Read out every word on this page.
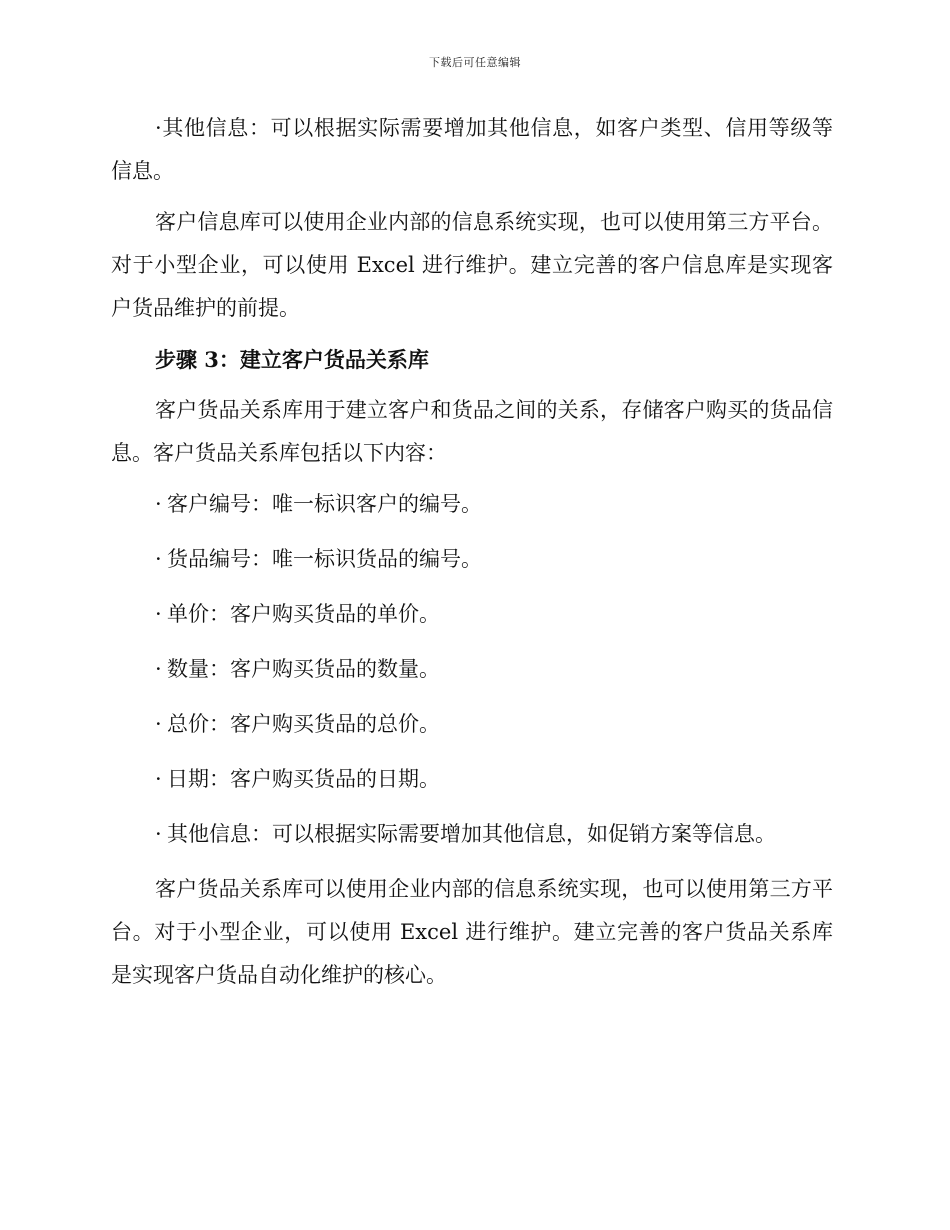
下载后可任意编辑

·其他信息：可以根据实际需要增加其他信息，如客户类型、信用等级等信息。

客户信息库可以使用企业内部的信息系统实现，也可以使用第三方平台。对于小型企业，可以使用 Excel 进行维护。建立完善的客户信息库是实现客户货品维护的前提。

步骤 3：建立客户货品关系库

客户货品关系库用于建立客户和货品之间的关系，存储客户购买的货品信息。客户货品关系库包括以下内容：

· 客户编号：唯一标识客户的编号。
· 货品编号：唯一标识货品的编号。
· 单价：客户购买货品的单价。
· 数量：客户购买货品的数量。
· 总价：客户购买货品的总价。
· 日期：客户购买货品的日期。
· 其他信息：可以根据实际需要增加其他信息，如促销方案等信息。

客户货品关系库可以使用企业内部的信息系统实现，也可以使用第三方平台。对于小型企业，可以使用 Excel 进行维护。建立完善的客户货品关系库是实现客户货品自动化维护的核心。
